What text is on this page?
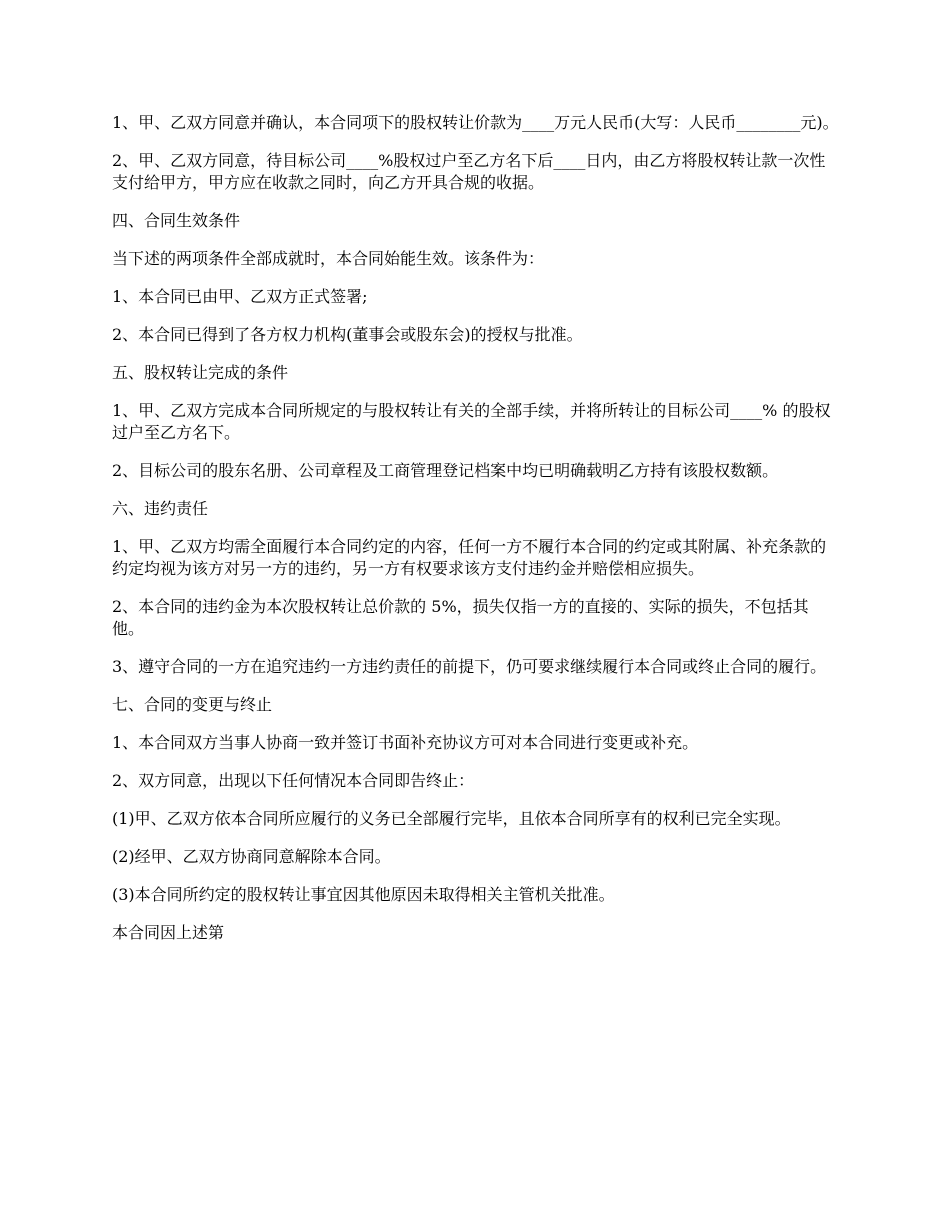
1、甲、乙双方同意并确认，本合同项下的股权转让价款为____万元人民币(大写：人民币________元)。

2、甲、乙双方同意，待目标公司____%股权过户至乙方名下后____日内，由乙方将股权转让款一次性支付给甲方，甲方应在收款之同时，向乙方开具合规的收据。

四、合同生效条件

当下述的两项条件全部成就时，本合同始能生效。该条件为：

1、本合同已由甲、乙双方正式签署;

2、本合同已得到了各方权力机构(董事会或股东会)的授权与批准。

五、股权转让完成的条件

1、甲、乙双方完成本合同所规定的与股权转让有关的全部手续，并将所转让的目标公司____% 的股权过户至乙方名下。

2、目标公司的股东名册、公司章程及工商管理登记档案中均已明确载明乙方持有该股权数额。

六、违约责任

1、甲、乙双方均需全面履行本合同约定的内容，任何一方不履行本合同的约定或其附属、补充条款的约定均视为该方对另一方的违约，另一方有权要求该方支付违约金并赔偿相应损失。

2、本合同的违约金为本次股权转让总价款的 5%，损失仅指一方的直接的、实际的损失，不包括其他。

3、遵守合同的一方在追究违约一方违约责任的前提下，仍可要求继续履行本合同或终止合同的履行。

七、合同的变更与终止

1、本合同双方当事人协商一致并签订书面补充协议方可对本合同进行变更或补充。

2、双方同意，出现以下任何情况本合同即告终止：

(1)甲、乙双方依本合同所应履行的义务已全部履行完毕，且依本合同所享有的权利已完全实现。

(2)经甲、乙双方协商同意解除本合同。

(3)本合同所约定的股权转让事宜因其他原因未取得相关主管机关批准。

本合同因上述第
